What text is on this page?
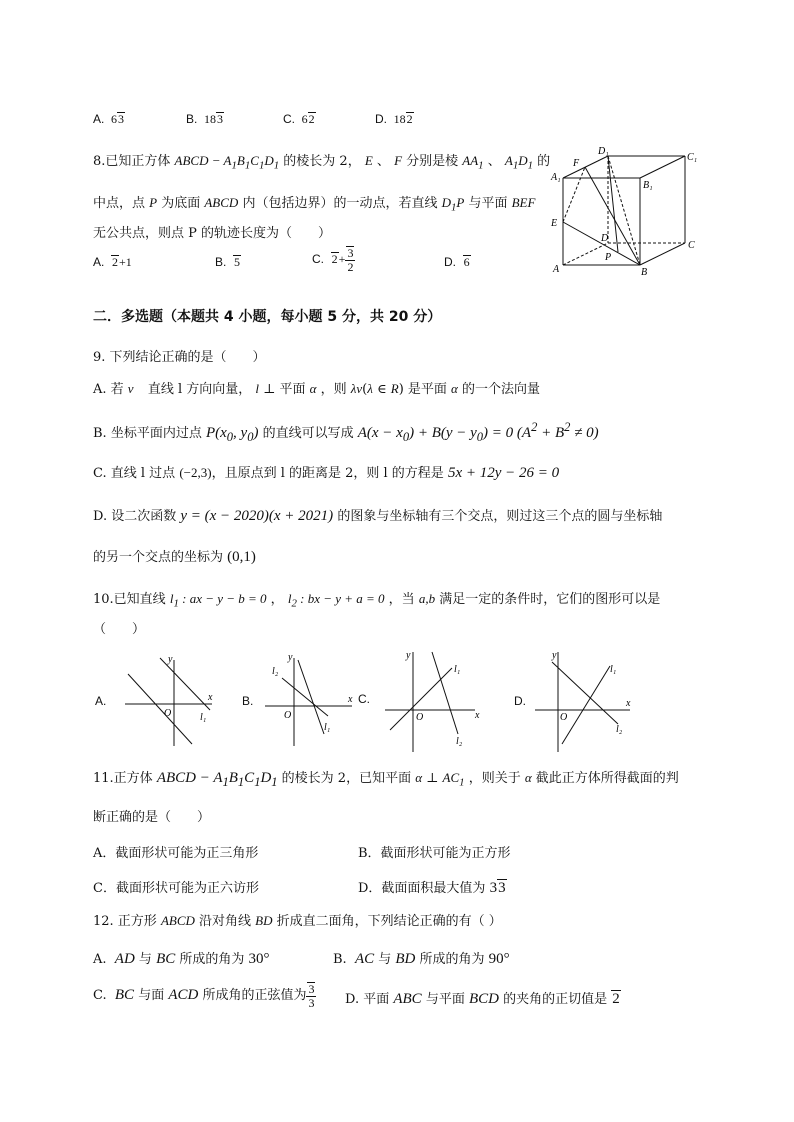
A.  63	B.  183	C.  62	D.  182
8.已知正方体 ABCD − $A_1B_1C_1D_1$ 的棱长为 2， E 、 F 分别是棱 $AA_1$ 、 $A_1D_1$ 的
中点，点 P 为底面 ABCD 内（包括边界）的一动点，若直线 $D_1P$ 与平面 BEF
无公共点，则点 P 的轨迹长度为（　　）
A.  2+1	B.  5	C.  $2+ \frac{3}{2}$	D.  6
D₁
C₁
A₁
B₁
F
E
D
C
A	B
P
二．多选题（本题共 4 小题，每小题 5 分，共 20 分）
9. 下列结论正确的是（　　）
A. 若 v⃗ 直线 l 方向向量， l ⊥ 平面 α ，则 λv(λ ∈ R) 是平面 α 的一个法向量
B. 坐标平面内过点 $P(x_0$, $y_0$) 的直线可以写成 $A(x - x_0) + B(y - y_0) = 0$ $(A^2 + B^2 \ne 0)$
C. 直线 l 过点 (−2,3)，且原点到 l 的距离是 2，则 l 的方程是 5x + 12y − 26 = 0
D. 设二次函数 y = (x − 2020)(x + 2021) 的图象与坐标轴有三个交点，则过这三个点的圆与坐标轴
的另一个交点的坐标为 (0,1)
10.已知直线 $l_1$ : ax − y − b = 0 ， $l_2$ : bx − y + a = 0 ，当 a,b 满足一定的条件时，它们的图形可以是
（　　）
A.
y
x
O	l₁
B.
y
x
O
l₂
l₁
C.
y
x
O
l₁
l₂
D.
y
x
O
l₁
l₂
11.正方体 ABCD − $A_1B_1C_1D_1$ 的棱长为 2，已知平面 α ⊥ $AC_1$ ，则关于 α 截此正方体所得截面的判
断正确的是（　　）
A．截面形状可能为正三角形	B．截面形状可能为正方形
C．截面形状可能为正六访形	D．截面面积最大值为 33
12. 正方形 ABCD 沿对角线 BD 折成直二面角，下列结论正确的有（ ）
A.  AD 与 BC 所成的角为 30°	B.  AC 与 BD 所成的角为 90°
C.  BC 与面 ACD 所成角的正弦值为 $\frac{3}{3} D$. 平面 ABC 与平面 BCD 的夹角的正切值是 2
